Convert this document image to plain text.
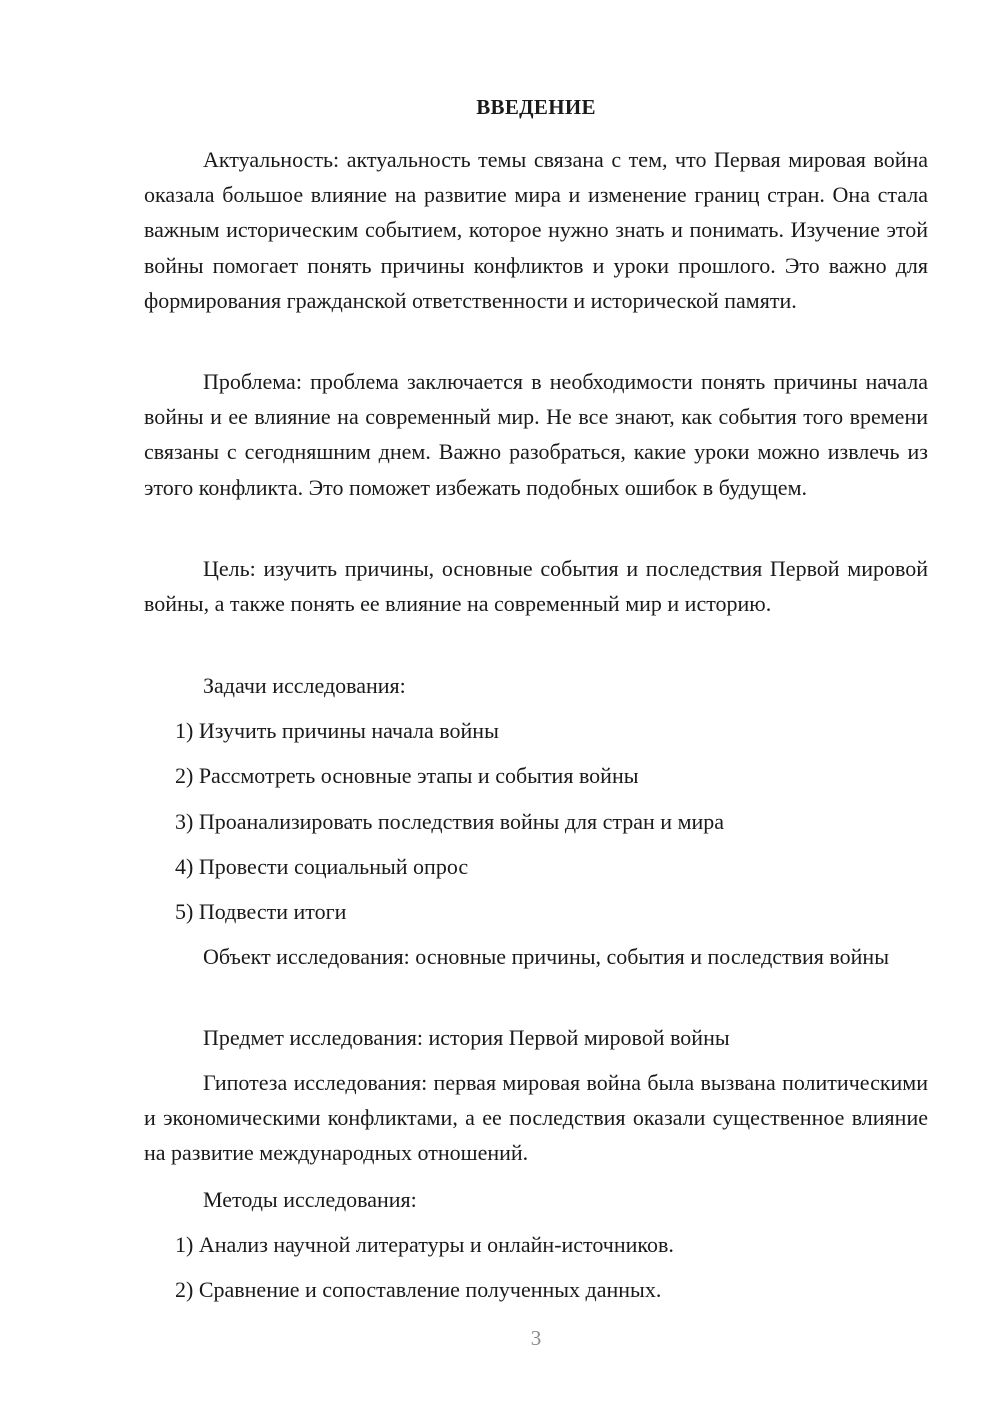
ВВЕДЕНИЕ

Актуальность: актуальность темы связана с тем, что Первая мировая война оказала большое влияние на развитие мира и изменение границ стран. Она стала важным историческим событием, которое нужно знать и понимать. Изучение этой войны помогает понять причины конфликтов и уроки прошлого. Это важно для формирования гражданской ответственности и исторической памяти.

Проблема: проблема заключается в необходимости понять причины начала войны и ее влияние на современный мир. Не все знают, как события того времени связаны с сегодняшним днем. Важно разобраться, какие уроки можно извлечь из этого конфликта. Это поможет избежать подобных ошибок в будущем.

Цель: изучить причины, основные события и последствия Первой мировой войны, а также понять ее влияние на современный мир и историю.

Задачи исследования:

1) Изучить причины начала войны

2) Рассмотреть основные этапы и события войны

3) Проанализировать последствия войны для стран и мира

4) Провести социальный опрос

5) Подвести итоги

Объект исследования: основные причины, события и последствия войны

Предмет исследования: история Первой мировой войны

Гипотеза исследования: первая мировая война была вызвана политическими и экономическими конфликтами, а ее последствия оказали существенное влияние на развитие международных отношений.

Методы исследования:

1) Анализ научной литературы и онлайн-источников.

2) Сравнение и сопоставление полученных данных.

3
